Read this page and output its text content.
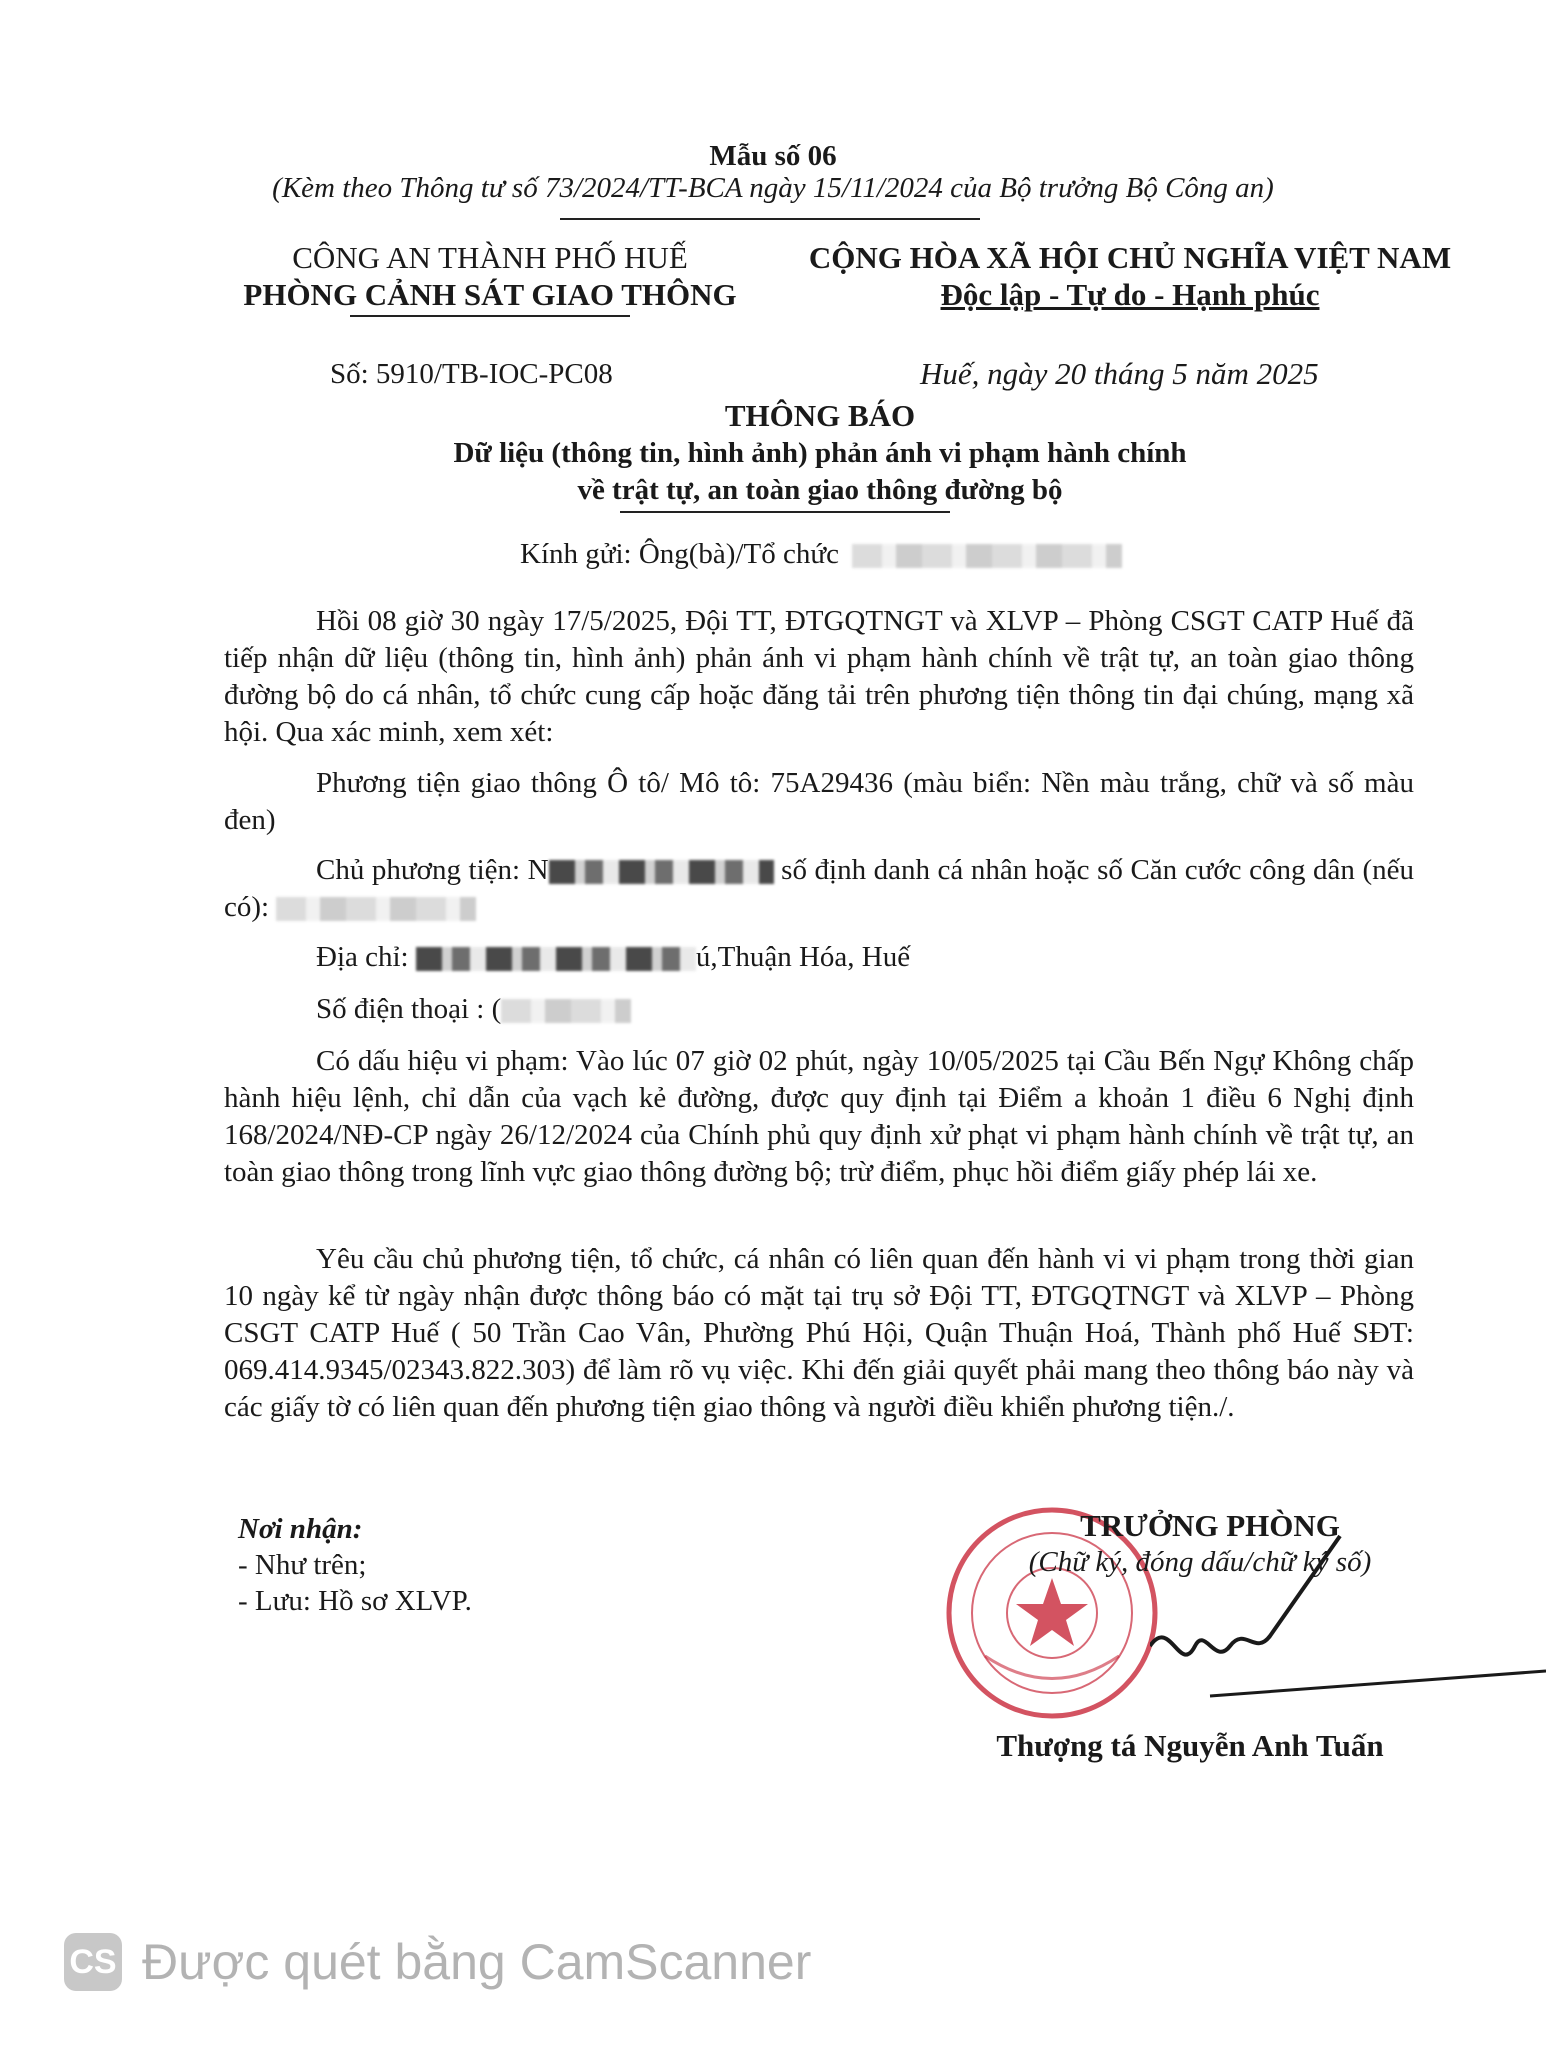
Mẫu số 06
(Kèm theo Thông tư số 73/2024/TT-BCA ngày 15/11/2024 của Bộ trưởng Bộ Công an)
CÔNG AN THÀNH PHỐ HUẾ
PHÒNG CẢNH SÁT GIAO THÔNG
CỘNG HÒA XÃ HỘI CHỦ NGHĨA VIỆT NAM
Độc lập - Tự do - Hạnh phúc
Số: 5910/TB-IOC-PC08	Huế, ngày 20 tháng 5 năm 2025
THÔNG BÁO
Dữ liệu (thông tin, hình ảnh) phản ánh vi phạm hành chính
về trật tự, an toàn giao thông đường bộ
Kính gửi: Ông(bà)/Tổ chức
Hồi 08 giờ 30 ngày 17/5/2025, Đội TT, ĐTGQTNGT và XLVP – Phòng CSGT CATP Huế đã tiếp nhận dữ liệu (thông tin, hình ảnh) phản ánh vi phạm hành chính về trật tự, an toàn giao thông đường bộ do cá nhân, tổ chức cung cấp hoặc đăng tải trên phương tiện thông tin đại chúng, mạng xã hội. Qua xác minh, xem xét:
Phương tiện giao thông Ô tô/ Mô tô: 75A29436 (màu biển: Nền màu trắng, chữ và số màu đen)
Chủ phương tiện: N	số định danh cá nhân hoặc số Căn cước công dân (nếu có):
Địa chỉ:	ú,Thuận Hóa, Huế
Số điện thoại : (
Có dấu hiệu vi phạm: Vào lúc 07 giờ 02 phút, ngày 10/05/2025 tại Cầu Bến Ngự Không chấp hành hiệu lệnh, chỉ dẫn của vạch kẻ đường, được quy định tại Điểm a khoản 1 điều 6 Nghị định 168/2024/NĐ-CP ngày 26/12/2024 của Chính phủ quy định xử phạt vi phạm hành chính về trật tự, an toàn giao thông trong lĩnh vực giao thông đường bộ; trừ điểm, phục hồi điểm giấy phép lái xe.
Yêu cầu chủ phương tiện, tổ chức, cá nhân có liên quan đến hành vi vi phạm trong thời gian 10 ngày kể từ ngày nhận được thông báo có mặt tại trụ sở Đội TT, ĐTGQTNGT và XLVP – Phòng CSGT CATP Huế ( 50 Trần Cao Vân, Phường Phú Hội, Quận Thuận Hoá, Thành phố Huế SĐT: 069.414.9345/02343.822.303) để làm rõ vụ việc. Khi đến giải quyết phải mang theo thông báo này và các giấy tờ có liên quan đến phương tiện giao thông và người điều khiển phương tiện./.
Nơi nhận:
- Như trên;
- Lưu: Hồ sơ XLVP.
TRƯỞNG PHÒNG
(Chữ ký, đóng dấu/chữ ký số)
Thượng tá Nguyễn Anh Tuấn
CS Được quét bằng CamScanner
